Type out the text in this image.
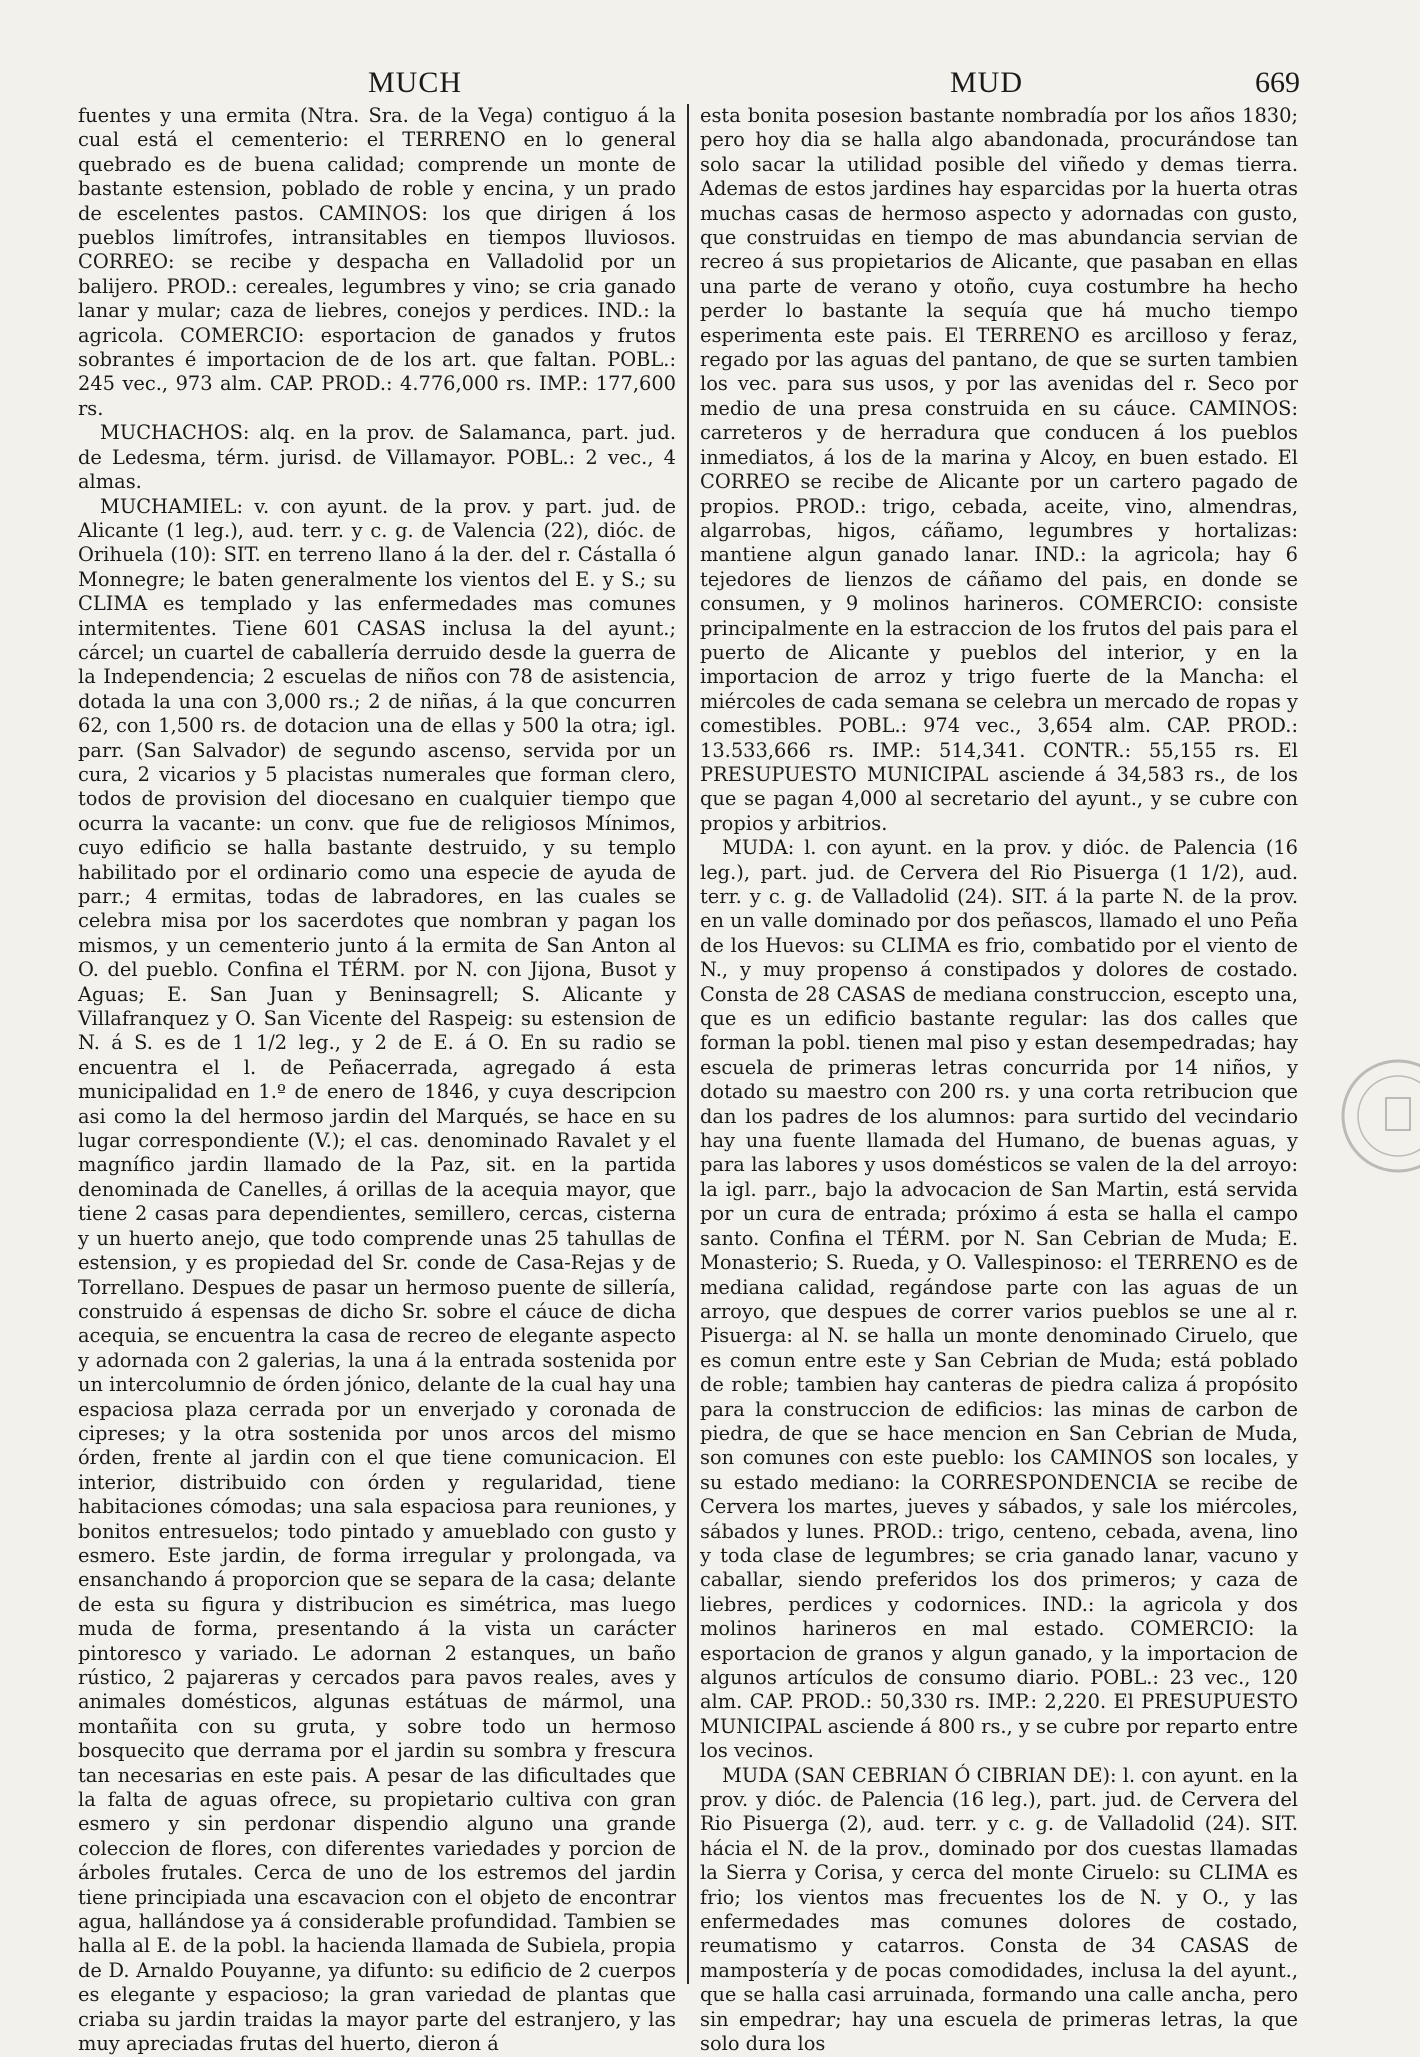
MUCH	MUD	669

fuentes y una ermita (Ntra. Sra. de la Vega) contiguo á la cual está el cementerio: el TERRENO en lo general quebrado es de buena calidad; comprende un monte de bastante estension, poblado de roble y encina, y un prado de escelentes pastos. CAMINOS: los que dirigen á los pueblos limítrofes, intransitables en tiempos lluviosos. CORREO: se recibe y despacha en Valladolid por un balijero. PROD.: cereales, legumbres y vino; se cria ganado lanar y mular; caza de liebres, conejos y perdices. IND.: la agricola. COMERCIO: esportacion de ganados y frutos sobrantes é importacion de de los art. que faltan. POBL.: 245 vec., 973 alm. CAP. PROD.: 4.776,000 rs. IMP.: 177,600 rs.

MUCHACHOS: alq. en la prov. de Salamanca, part. jud. de Ledesma, térm. jurisd. de Villamayor. POBL.: 2 vec., 4 almas.

MUCHAMIEL: v. con ayunt. de la prov. y part. jud. de Alicante (1 leg.), aud. terr. y c. g. de Valencia (22), dióc. de Orihuela (10): SIT. en terreno llano á la der. del r. Cástalla ó Monnegre; le baten generalmente los vientos del E. y S.; su CLIMA es templado y las enfermedades mas comunes intermitentes. Tiene 601 CASAS inclusa la del ayunt.; cárcel; un cuartel de caballería derruido desde la guerra de la Independencia; 2 escuelas de niños con 78 de asistencia, dotada la una con 3,000 rs.; 2 de niñas, á la que concurren 62, con 1,500 rs. de dotacion una de ellas y 500 la otra; igl. parr. (San Salvador) de segundo ascenso, servida por un cura, 2 vicarios y 5 placistas numerales que forman clero, todos de provision del diocesano en cualquier tiempo que ocurra la vacante: un conv. que fue de religiosos Mínimos, cuyo edificio se halla bastante destruido, y su templo habilitado por el ordinario como una especie de ayuda de parr.; 4 ermitas, todas de labradores, en las cuales se celebra misa por los sacerdotes que nombran y pagan los mismos, y un cementerio junto á la ermita de San Anton al O. del pueblo. Confina el TÉRM. por N. con Jijona, Busot y Aguas; E. San Juan y Beninsagrell; S. Alicante y Villafranquez y O. San Vicente del Raspeig: su estension de N. á S. es de 1 1/2 leg., y 2 de E. á O. En su radio se encuentra el l. de Peñacerrada, agregado á esta municipalidad en 1.º de enero de 1846, y cuya descripcion asi como la del hermoso jardin del Marqués, se hace en su lugar correspondiente (V.); el cas. denominado Ravalet y el magnífico jardin llamado de la Paz, sit. en la partida denominada de Canelles, á orillas de la acequia mayor, que tiene 2 casas para dependientes, semillero, cercas, cisterna y un huerto anejo, que todo comprende unas 25 tahullas de estension, y es propiedad del Sr. conde de Casa-Rejas y de Torrellano. Despues de pasar un hermoso puente de sillería, construido á espensas de dicho Sr. sobre el cáuce de dicha acequia, se encuentra la casa de recreo de elegante aspecto y adornada con 2 galerias, la una á la entrada sostenida por un intercolumnio de órden jónico, delante de la cual hay una espaciosa plaza cerrada por un enverjado y coronada de cipreses; y la otra sostenida por unos arcos del mismo órden, frente al jardin con el que tiene comunicacion. El interior, distribuido con órden y regularidad, tiene habitaciones cómodas; una sala espaciosa para reuniones, y bonitos entresuelos; todo pintado y amueblado con gusto y esmero. Este jardin, de forma irregular y prolongada, va ensanchando á proporcion que se separa de la casa; delante de esta su figura y distribucion es simétrica, mas luego muda de forma, presentando á la vista un carácter pintoresco y variado. Le adornan 2 estanques, un baño rústico, 2 pajareras y cercados para pavos reales, aves y animales domésticos, algunas estátuas de mármol, una montañita con su gruta, y sobre todo un hermoso bosquecito que derrama por el jardin su sombra y frescura tan necesarias en este pais. A pesar de las dificultades que la falta de aguas ofrece, su propietario cultiva con gran esmero y sin perdonar dispendio alguno una grande coleccion de flores, con diferentes variedades y porcion de árboles frutales. Cerca de uno de los estremos del jardin tiene principiada una escavacion con el objeto de encontrar agua, hallándose ya á considerable profundidad. Tambien se halla al E. de la pobl. la hacienda llamada de Subiela, propia de D. Arnaldo Pouyanne, ya difunto: su edificio de 2 cuerpos es elegante y espacioso; la gran variedad de plantas que criaba su jardin traidas la mayor parte del estranjero, y las muy apreciadas frutas del huerto, dieron á

esta bonita posesion bastante nombradía por los años 1830; pero hoy dia se halla algo abandonada, procurándose tan solo sacar la utilidad posible del viñedo y demas tierra. Ademas de estos jardines hay esparcidas por la huerta otras muchas casas de hermoso aspecto y adornadas con gusto, que construidas en tiempo de mas abundancia servian de recreo á sus propietarios de Alicante, que pasaban en ellas una parte de verano y otoño, cuya costumbre ha hecho perder lo bastante la sequía que há mucho tiempo esperimenta este pais. El TERRENO es arcilloso y feraz, regado por las aguas del pantano, de que se surten tambien los vec. para sus usos, y por las avenidas del r. Seco por medio de una presa construida en su cáuce. CAMINOS: carreteros y de herradura que conducen á los pueblos inmediatos, á los de la marina y Alcoy, en buen estado. El CORREO se recibe de Alicante por un cartero pagado de propios. PROD.: trigo, cebada, aceite, vino, almendras, algarrobas, higos, cáñamo, legumbres y hortalizas: mantiene algun ganado lanar. IND.: la agricola; hay 6 tejedores de lienzos de cáñamo del pais, en donde se consumen, y 9 molinos harineros. COMERCIO: consiste principalmente en la estraccion de los frutos del pais para el puerto de Alicante y pueblos del interior, y en la importacion de arroz y trigo fuerte de la Mancha: el miércoles de cada semana se celebra un mercado de ropas y comestibles. POBL.: 974 vec., 3,654 alm. CAP. PROD.: 13.533,666 rs. IMP.: 514,341. CONTR.: 55,155 rs. El PRESUPUESTO MUNICIPAL asciende á 34,583 rs., de los que se pagan 4,000 al secretario del ayunt., y se cubre con propios y arbitrios.

MUDA: l. con ayunt. en la prov. y dióc. de Palencia (16 leg.), part. jud. de Cervera del Rio Pisuerga (1 1/2), aud. terr. y c. g. de Valladolid (24). SIT. á la parte N. de la prov. en un valle dominado por dos peñascos, llamado el uno Peña de los Huevos: su CLIMA es frio, combatido por el viento de N., y muy propenso á constipados y dolores de costado. Consta de 28 CASAS de mediana construccion, escepto una, que es un edificio bastante regular: las dos calles que forman la pobl. tienen mal piso y estan desempedradas; hay escuela de primeras letras concurrida por 14 niños, y dotado su maestro con 200 rs. y una corta retribucion que dan los padres de los alumnos: para surtido del vecindario hay una fuente llamada del Humano, de buenas aguas, y para las labores y usos domésticos se valen de la del arroyo: la igl. parr., bajo la advocacion de San Martin, está servida por un cura de entrada; próximo á esta se halla el campo santo. Confina el TÉRM. por N. San Cebrian de Muda; E. Monasterio; S. Rueda, y O. Vallespinoso: el TERRENO es de mediana calidad, regándose parte con las aguas de un arroyo, que despues de correr varios pueblos se une al r. Pisuerga: al N. se halla un monte denominado Ciruelo, que es comun entre este y San Cebrian de Muda; está poblado de roble; tambien hay canteras de piedra caliza á propósito para la construccion de edificios: las minas de carbon de piedra, de que se hace mencion en San Cebrian de Muda, son comunes con este pueblo: los CAMINOS son locales, y su estado mediano: la CORRESPONDENCIA se recibe de Cervera los martes, jueves y sábados, y sale los miércoles, sábados y lunes. PROD.: trigo, centeno, cebada, avena, lino y toda clase de legumbres; se cria ganado lanar, vacuno y caballar, siendo preferidos los dos primeros; y caza de liebres, perdices y codornices. IND.: la agricola y dos molinos harineros en mal estado. COMERCIO: la esportacion de granos y algun ganado, y la importacion de algunos artículos de consumo diario. POBL.: 23 vec., 120 alm. CAP. PROD.: 50,330 rs. IMP.: 2,220. El PRESUPUESTO MUNICIPAL asciende á 800 rs., y se cubre por reparto entre los vecinos.

MUDA (SAN CEBRIAN Ó CIBRIAN DE): l. con ayunt. en la prov. y dióc. de Palencia (16 leg.), part. jud. de Cervera del Rio Pisuerga (2), aud. terr. y c. g. de Valladolid (24). SIT. hácia el N. de la prov., dominado por dos cuestas llamadas la Sierra y Corisa, y cerca del monte Ciruelo: su CLIMA es frio; los vientos mas frecuentes los de N. y O., y las enfermedades mas comunes dolores de costado, reumatismo y catarros. Consta de 34 CASAS de mampostería y de pocas comodidades, inclusa la del ayunt., que se halla casi arruinada, formando una calle ancha, pero sin empedrar; hay una escuela de primeras letras, la que solo dura los
